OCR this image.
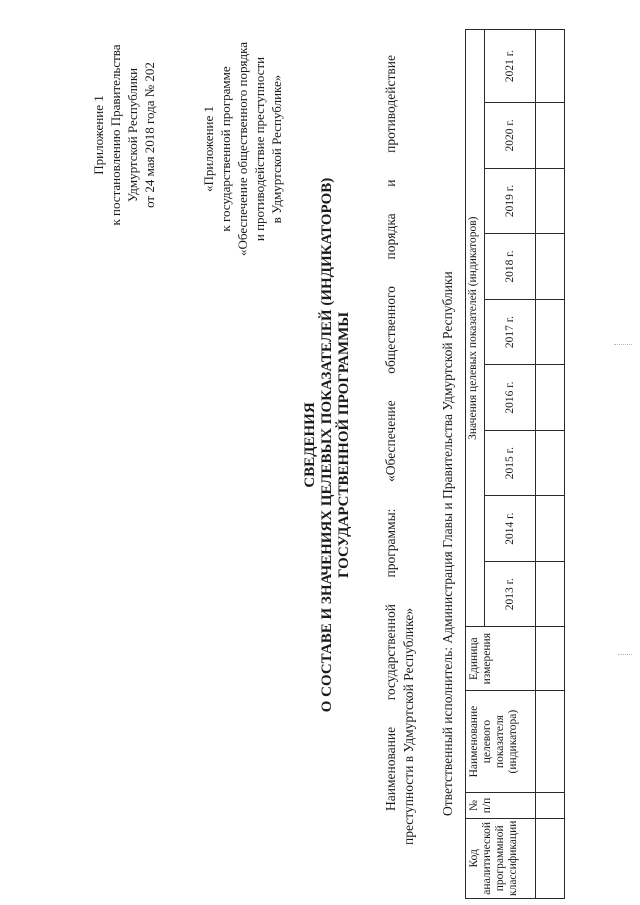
Приложение 1 к постановлению Правительства Удмуртской Республики от 24 мая 2018 года № 202	«Приложение 1 к государственной программе «Обеспечение общественного порядка и противодействие преступности в Удмуртской Республике»
СВЕДЕНИЯ О СОСТАВЕ И ЗНАЧЕНИЯХ ЦЕЛЕВЫХ ПОКАЗАТЕЛЕЙ (ИНДИКАТОРОВ) ГОСУДАРСТВЕННОЙ ПРОГРАММЫ
Наименование
государственной
программы:
«Обеспечение
общественного
порядка
и
противодействие
преступности в Удмуртской Республике» Ответственный исполнитель: Администрация Главы и Правительства Удмуртской Республики
Код аналитической программной классификации	№ п/п	Наименование целевого показателя (индикатора)	Единица измерения	Значения целевых показателей (индикаторов)								
				2013 г.	2014 г.	2015 г.	2016 г.	2017 г.	2018 г.	2019 г.	2020 г.	2021 г.
